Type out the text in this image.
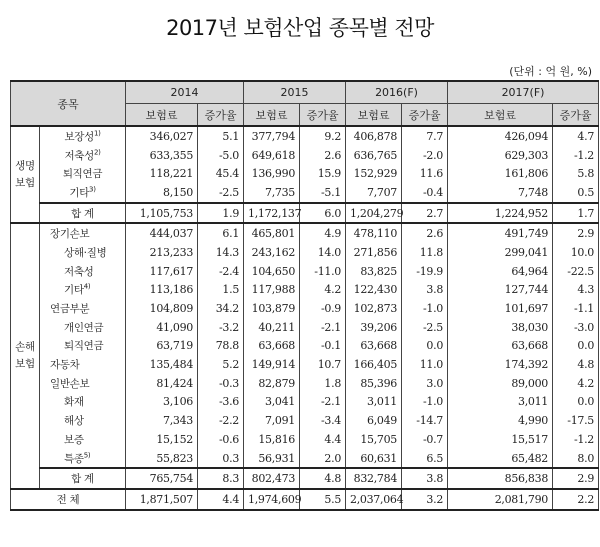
2017년 보험산업 종목별 전망
(단위 : 억 원, %)
종목		2014		2015		2016(F)		2017(F)	
		보험료	증가율	보험료	증가율	보험료	증가율	보험료	증가율

생명
보험	보장성$^{1)}$	346,027	5.1	377,794	9.2	406,878	7.7	426,094	4.7
	저축성$^{2)}$	633,355	-5.0	649,618	2.6	636,765	-2.0	629,303	-1.2
	퇴직연금	118,221	45.4	136,990	15.9	152,929	11.6	161,806	5.8
	기타$^{3)}$	8,150	-2.5	7,735	-5.1	7,707	-0.4	7,748	0.5
	합 계	1,105,753	1.9	1,172,137	6.0	1,204,279	2.7	1,224,952	1.7

손해
보험	장기손보	444,037	6.1	465,801	4.9	478,110	2.6	491,749	2.9
	상해·질병	213,233	14.3	243,162	14.0	271,856	11.8	299,041	10.0
	저축성	117,617	-2.4	104,650	-11.0	83,825	-19.9	64,964	-22.5
	기타$^{4)}$	113,186	1.5	117,988	4.2	122,430	3.8	127,744	4.3
	연금부분	104,809	34.2	103,879	-0.9	102,873	-1.0	101,697	-1.1
	개인연금	41,090	-3.2	40,211	-2.1	39,206	-2.5	38,030	-3.0
	퇴직연금	63,719	78.8	63,668	-0.1	63,668	0.0	63,668	0.0
	자동차	135,484	5.2	149,914	10.7	166,405	11.0	174,392	4.8
	일반손보	81,424	-0.3	82,879	1.8	85,396	3.0	89,000	4.2
	화재	3,106	-3.6	3,041	-2.1	3,011	-1.0	3,011	0.0
	해상	7,343	-2.2	7,091	-3.4	6,049	-14.7	4,990	-17.5
	보증	15,152	-0.6	15,816	4.4	15,705	-0.7	15,517	-1.2
	특종$^{5)}$	55,823	0.3	56,931	2.0	60,631	6.5	65,482	8.0
	합 계	765,754	8.3	802,473	4.8	832,784	3.8	856,838	2.9
전 체		1,871,507	4.4	1,974,609	5.5	2,037,064	3.2	2,081,790	2.2
